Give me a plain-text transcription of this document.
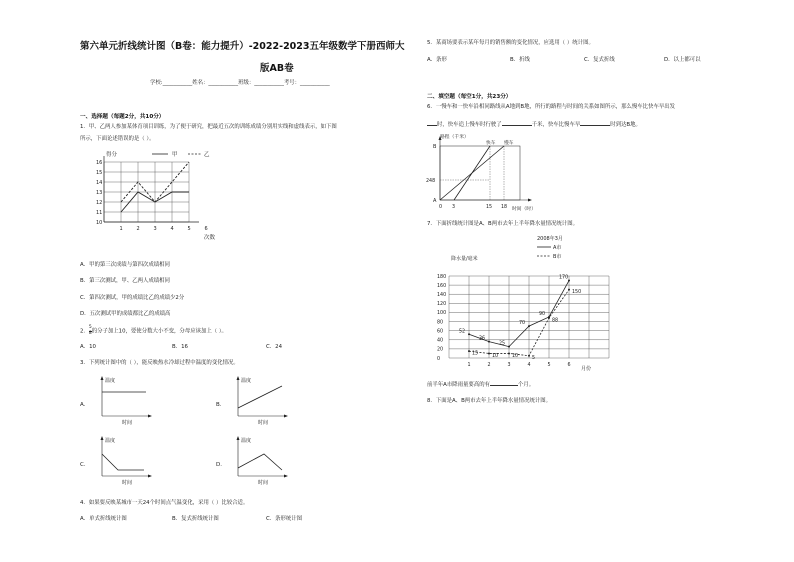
第六单元折线统计图（B卷：能力提升）-2022-2023五年级数学下册西师大
版AB卷
学校:___________姓名：___________班级：___________考号：___________
一、选择题（每题2分，共10分）
1．甲、乙两人参加某体育项目训练，为了便于研究，把最近五次的训练成绩分别用实线和虚线表示，如下图
所示，下面论述错误的是（ ）。
得分	甲	乙
次数
10
11
12
13
14
15
16
1	2	3	4	5	6
A．甲的第三次成绩与第四次成绩相同
B．第三次测试，甲、乙两人成绩相同
C．第四次测试，甲的成绩比乙的成绩少2分
D．五次测试甲的成绩都比乙的成绩高
2． $\frac{5}{8}$ 的分子加上10，要使分数大小不变，分母应该加上（ ）。
A．10	B．16	C．24
3．下列统计图中的（ ），能反映热水冷却过程中温度的变化情况。
A.
温度
时间
B.
温度
时间
C.
温度
时间
D.
温度
时间
4．如果要反映某城市一天24个时间点气温变化，采用（ ）比较合适。
A．单式折线统计图	B．复式折线统计图	C．条形统计图
5．某商场要表示某年每月的销售额的变化情况，应选用（ ）统计图。
A．条形	B．折线	C．复式折线	D．以上都可以
二、填空题（每空1分，共23分）
6．一慢车和一快车沿相同路线从A地到B地，所行的路程与时间的关系如图所示，那么慢车比快车早出发
时，快车追上慢车时行驶了	千米，快车比慢车早	时到达B地。
路程（千米）
快车 慢车
B
248
A
0 3	15 18 时间（时）
7．下面折线统计图是A、B两市去年上半年降水量情况统计图。
2008年3月
A市
B市
降水量/毫米
月份
0
20
40
60
80
100
120
140
160
180
1	2	3	4	5	6
52
36
25
70
90
170
15	10	10	5
88
150
前半年A市降雨量要高的有	个月。
8．下面是A、B两市去年上半年降水量情况统计图。
